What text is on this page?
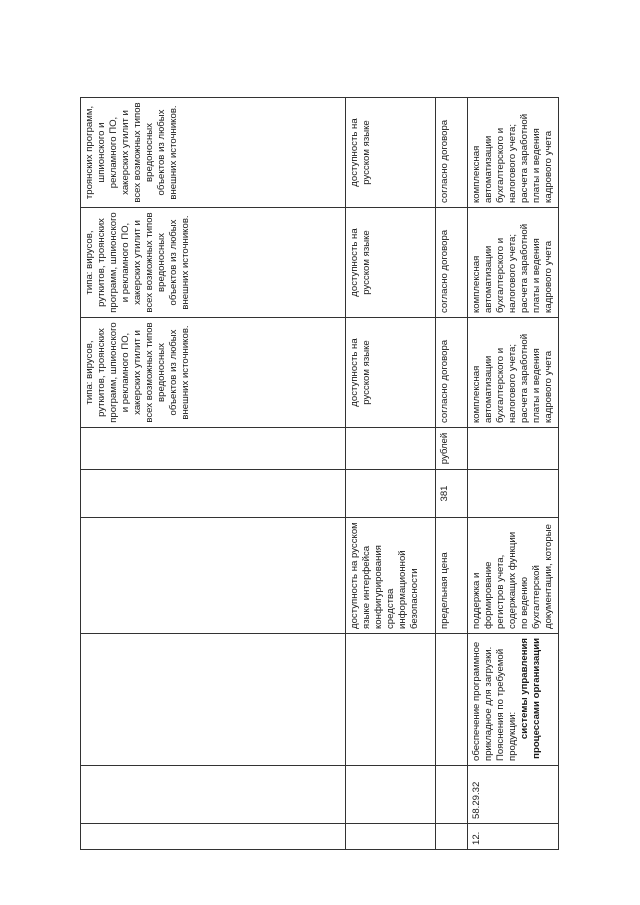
						типа: вирусов, руткитов, троянских программ, шпионского и рекламного ПО, хакерских утилит и всех возможных типов вредоносных объектов из любых внешних источников.	типа: вирусов, руткитов, троянских программ, шпионского и рекламного ПО, хакерских утилит и всех возможных типов вредоносных объектов из любых внешних источников.	троянских программ, шпионского и рекламного ПО, хакерских утилит и всех возможных типов вредоносных объектов из любых внешних источников.
			доступность на русском языке интерфейса конфигурирования средства информационной безопасности			доступность на русском языке	доступность на русском языке	доступность на русском языке
			предельная цена	381	рублей	согласно договора	согласно договора	согласно договора
12.	58.29.32	обеспечение программное прикладное для загрузки. Пояснения по требуемой продукции: системы управления процессами организации	поддержка и формирование регистров учета, содержащих функции по ведению бухгалтерской документации, которые			комплексная автоматизации бухгалтерского и налогового учета; расчета заработной платы и ведения кадрового учета	комплексная автоматизации бухгалтерского и налогового учета; расчета заработной платы и ведения кадрового учета	комплексная автоматизации бухгалтерского и налогового учета; расчета заработной платы и ведения кадрового учета
